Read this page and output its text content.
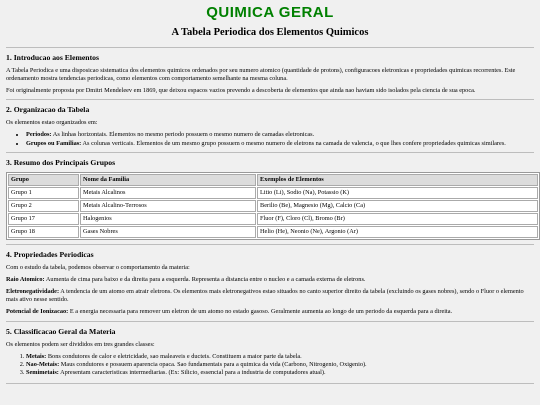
QUIMICA GERAL
A Tabela Periodica dos Elementos Quimicos
1. Introducao aos Elementos

A Tabela Periodica e uma disposicao sistematica dos elementos quimicos ordenados por seu numero atomico (quantidade de protons), configuracoes eletronicas e propriedades quimicas recorrentes. Este ordenamento mostra tendencias periodicas, como elementos com comportamento semelhante na mesma coluna.

Foi originalmente proposta por Dmitri Mendeleev em 1869, que deixou espacos vazios prevendo a descoberta de elementos que ainda nao haviam sido isolados pela ciencia de sua epoca.

2. Organizacao da Tabela

Os elementos estao organizados em:

• Periodos: As linhas horizontais. Elementos no mesmo periodo possuem o mesmo numero de camadas eletronicas.
• Grupos ou Familias: As colunas verticais. Elementos de um mesmo grupo possuem o mesmo numero de eletrons na camada de valencia, o que lhes confere propriedades quimicas similares.
3. Resumo dos Principais Grupos
Grupo	Nome da Familia	Exemplos de Elementos
Grupo 1	Metais Alcalinos	Litio (Li), Sodio (Na), Potassio (K)
Grupo 2	Metais Alcalino-Terrosos	Berilio (Be), Magnesio (Mg), Calcio (Ca)
Grupo 17	Halogenios	Fluor (F), Cloro (Cl), Bromo (Br)
Grupo 18	Gases Nobres	Helio (He), Neonio (Ne), Argonio (Ar)
4. Propriedades Periodicas

Com o estudo da tabela, podemos observar o comportamento da materia:

Raio Atomico: Aumenta de cima para baixo e da direita para a esquerda. Representa a distancia entre o nucleo e a camada externa de eletrons.

Eletronegatividade: A tendencia de um atomo em atrair eletrons. Os elementos mais eletronegativos estao situados no canto superior direito da tabela (excluindo os gases nobres), sendo o Fluor o elemento mais ativo nesse sentido.

Potencial de Ionizacao: E a energia necessaria para remover um eletron de um atomo no estado gasoso. Geralmente aumenta ao longo de um periodo da esquerda para a direita.

5. Classificacao Geral da Materia

Os elementos podem ser divididos em tres grandes classes:

1. Metais: Bons condutores de calor e eletricidade, sao maleaveis e ducteis. Constituem a maior parte da tabela.
2. Nao-Metais: Maus condutores e possuem aparencia opaca. Sao fundamentais para a quimica da vida (Carbono, Nitrogenio, Oxigenio).
3. Semimetais: Apresentam caracteristicas intermediarias. (Ex: Silicio, essencial para a industria de computadores atual).
